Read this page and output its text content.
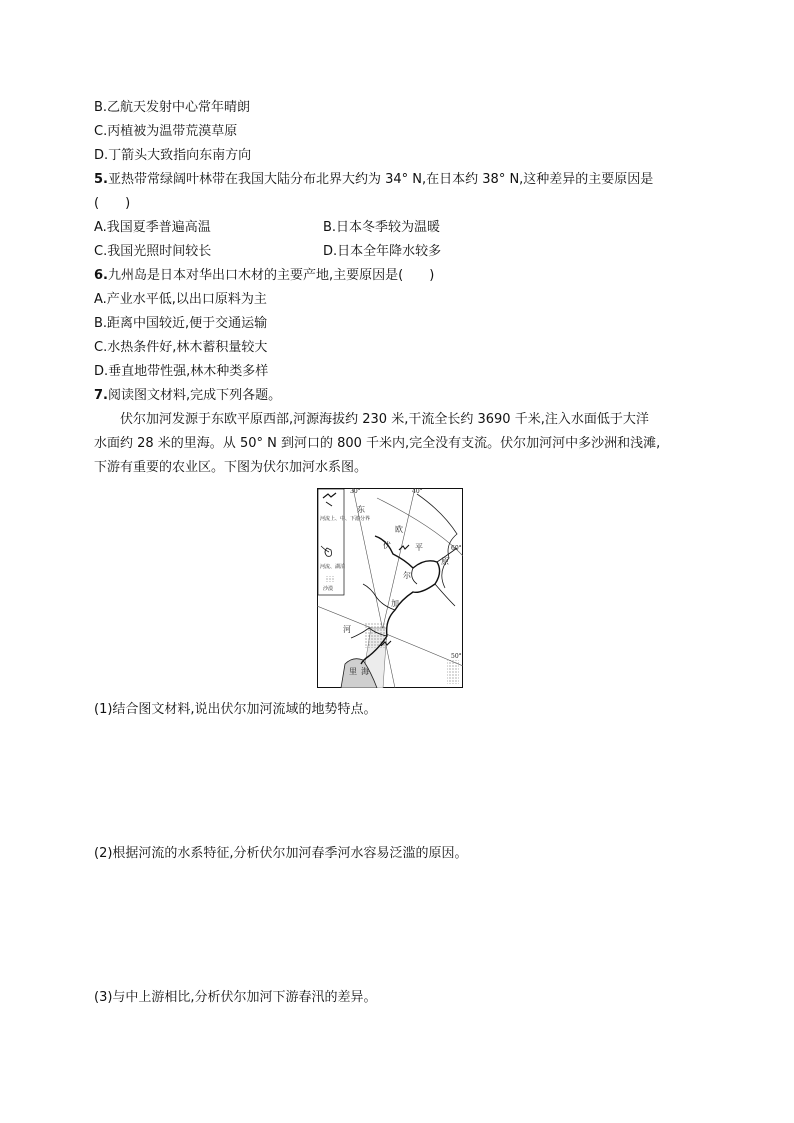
B.乙航天发射中心常年晴朗
C.丙植被为温带荒漠草原
D.丁箭头大致指向东南方向
5.亚热带常绿阔叶林带在我国大陆分布北界大约为 34° N,在日本约 38° N,这种差异的主要原因是
(　　)
A.我国夏季普遍高温	B.日本冬季较为温暖
C.我国光照时间较长	D.日本全年降水较多
6.九州岛是日本对华出口木材的主要产地,主要原因是(　　)
A.产业水平低,以出口原料为主
B.距离中国较近,便于交通运输
C.水热条件好,林木蓄积量较大
D.垂直地带性强,林木种类多样
7.阅读图文材料,完成下列各题。
伏尔加河发源于东欧平原西部,河源海拔约 230 米,干流全长约 3690 千米,注入水面低于大洋
水面约 28 米的里海。从 50° N 到河口的 800 千米内,完全没有支流。伏尔加河河中多沙洲和浅滩,
下游有重要的农业区。下图为伏尔加河水系图。
河流上、中、下游分界
河流、湖泊
沙漠
30°	40°
60°
50°
东
欧
平
原
伏
尔
加
河
里 海
(1)结合图文材料,说出伏尔加河流域的地势特点。
(2)根据河流的水系特征,分析伏尔加河春季河水容易泛滥的原因。
(3)与中上游相比,分析伏尔加河下游春汛的差异。
